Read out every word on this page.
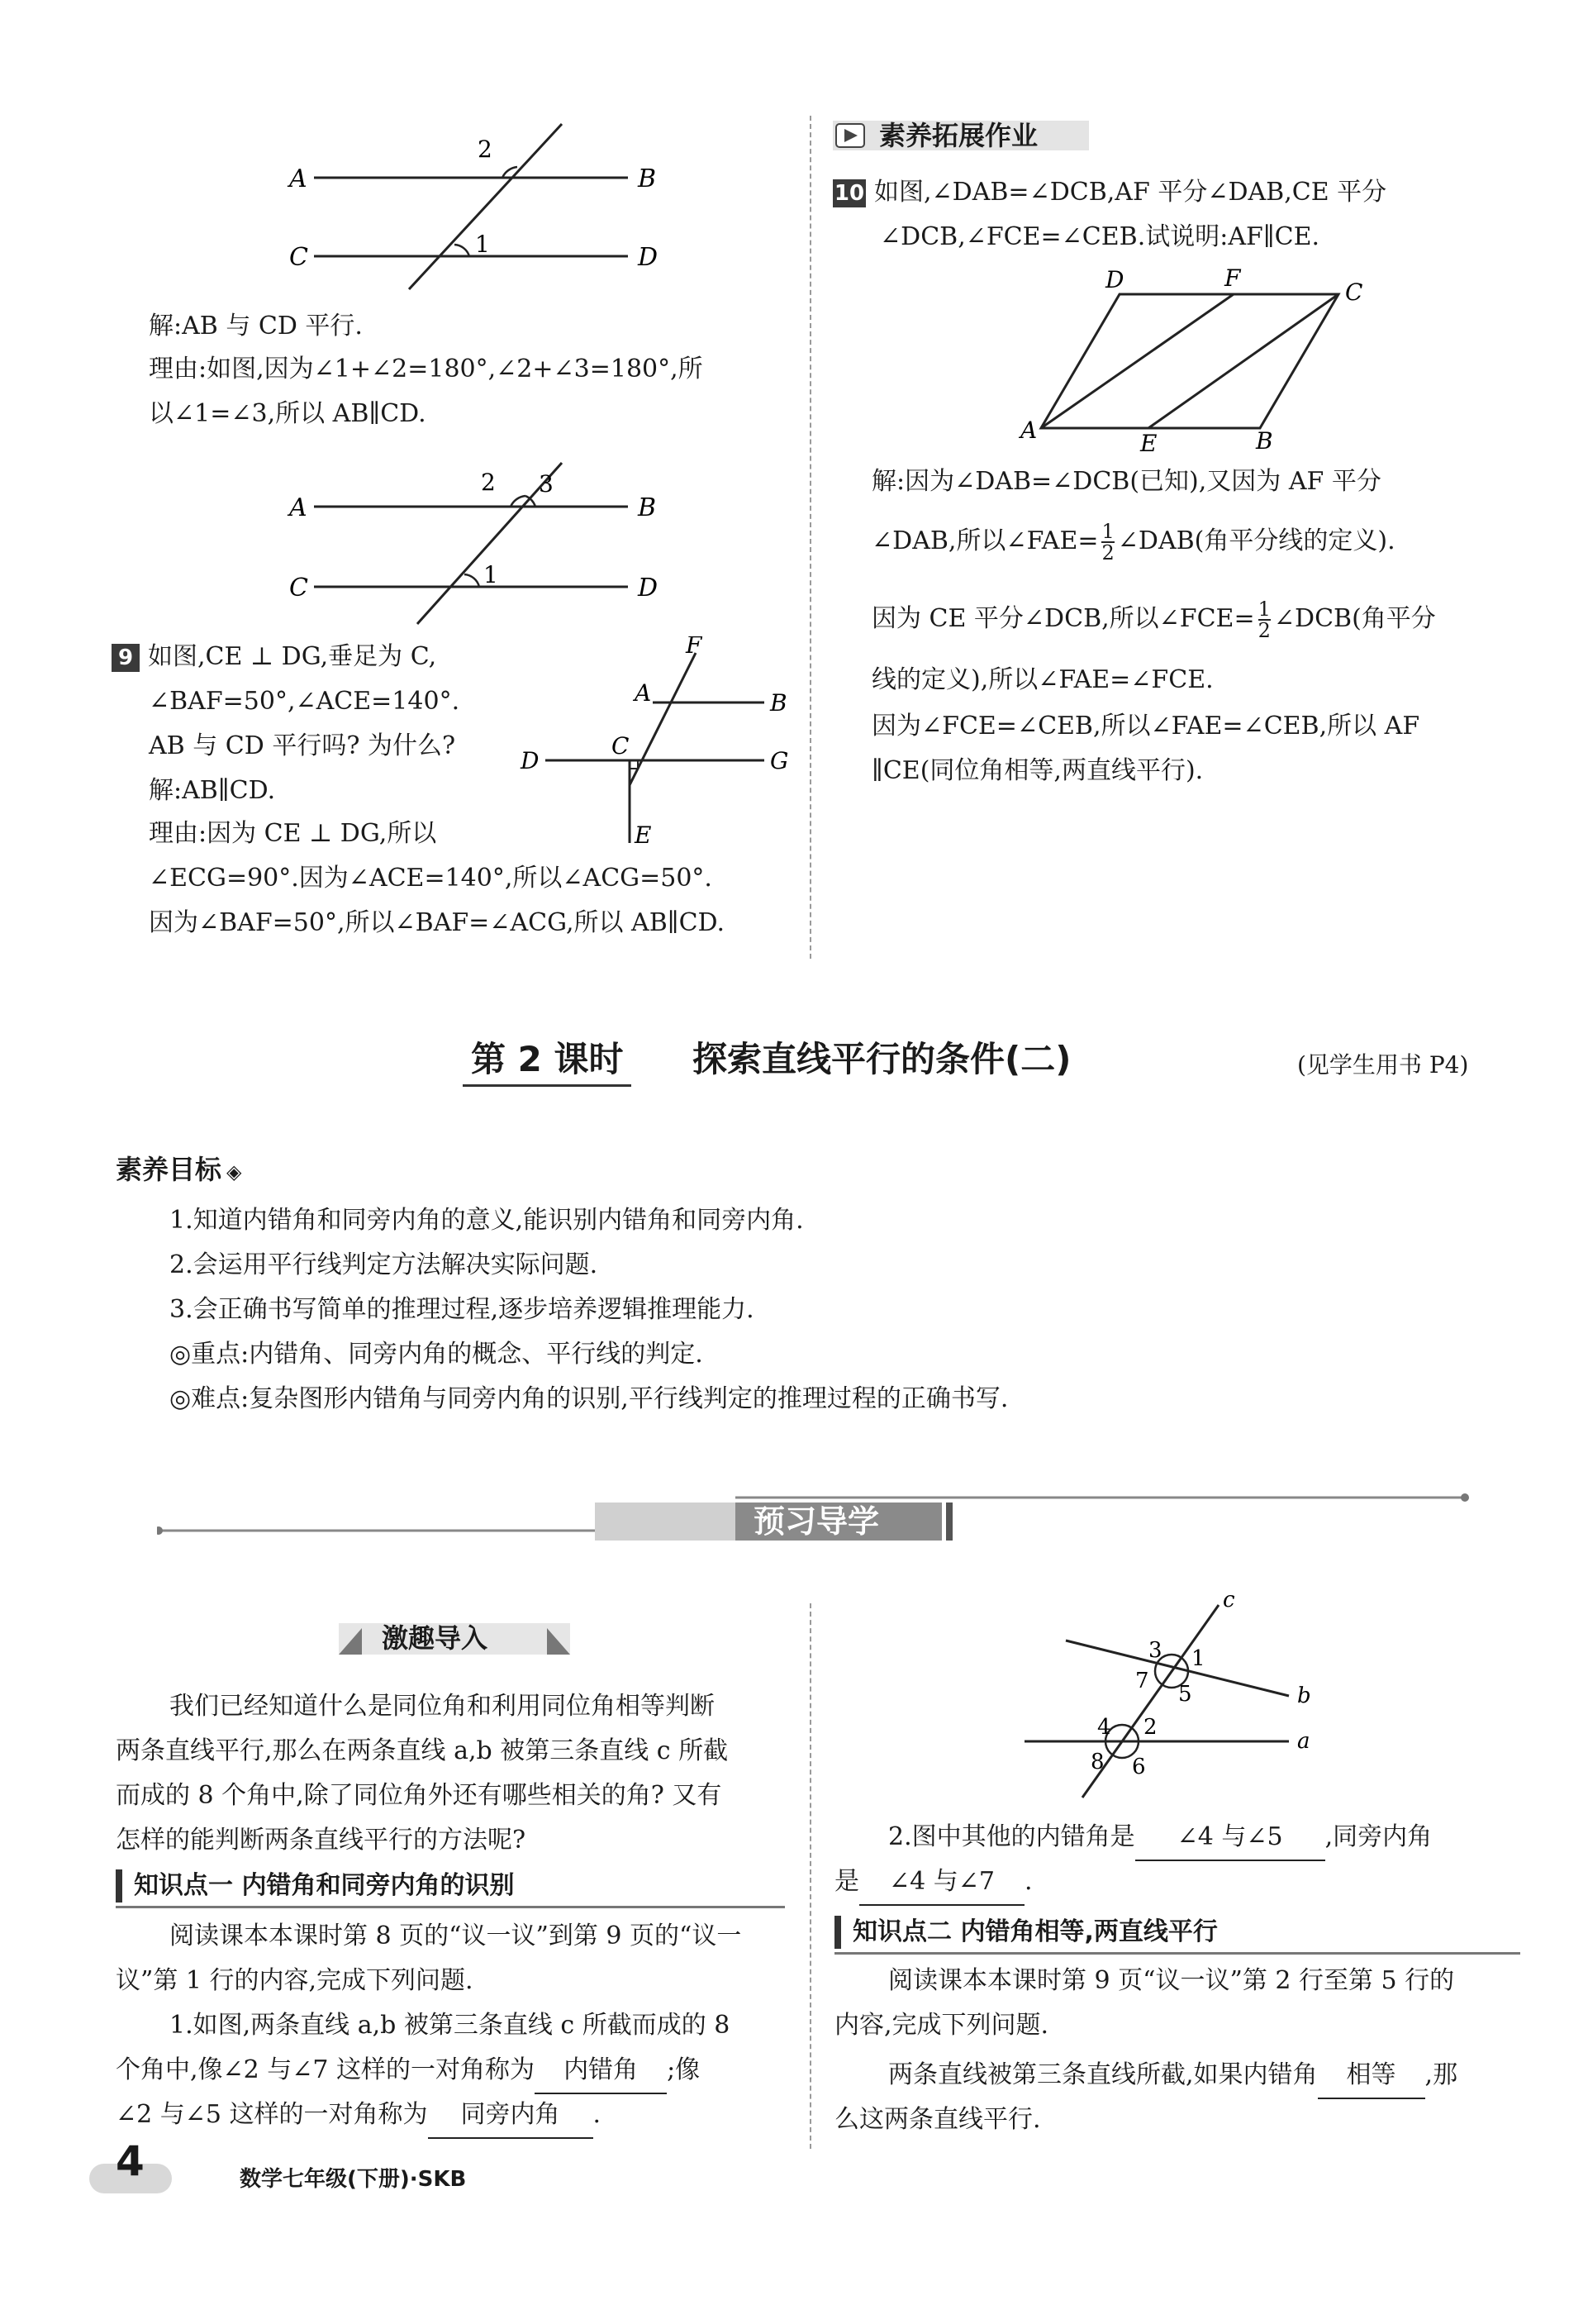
A	B
C	D
1
2
解:AB 与 CD 平行.
理由:如图,因为∠1+∠2=180°,∠2+∠3=180°,所
以∠1=∠3,所以 AB∥CD.
A	B
C	D
1
2 3
9 如图,CE ⊥ DG,垂足为 C,
∠BAF=50°,∠ACE=140°.
AB 与 CD 平行吗? 为什么?
解:AB∥CD.
理由:因为 CE ⊥ DG,所以
∠ECG=90°.因为∠ACE=140°,所以∠ACG=50°.
因为∠BAF=50°,所以∠BAF=∠ACG,所以 AB∥CD.
F
A	B
D
C
G
E
素养拓展作业
10 如图,∠DAB=∠DCB,AF 平分∠DAB,CE 平分
∠DCB,∠FCE=∠CEB.试说明:AF∥CE.
D	F
C
A	E	B
解:因为∠DAB=∠DCB(已知),又因为 AF 平分
∠DAB,所以∠FAE= $\frac{1}{2}$ ∠DAB(角平分线的定义).
因为 CE 平分∠DCB,所以∠FCE= $\frac{1}{2}$ ∠DCB(角平分
线的定义),所以∠FAE=∠FCE.
因为∠FCE=∠CEB,所以∠FAE=∠CEB,所以 AF
∥CE(同位角相等,两直线平行).
第 2 课时 探索直线平行的条件(二)	(见学生用书 P4)
素养目标 ◈
1.知道内错角和同旁内角的意义,能识别内错角和同旁内角.
2.会运用平行线判定方法解决实际问题.
3.会正确书写简单的推理过程,逐步培养逻辑推理能力.
◎重点:内错角、同旁内角的概念、平行线的判定.
◎难点:复杂图形内错角与同旁内角的识别,平行线判定的推理过程的正确书写.
预习导学
激趣导入
我们已经知道什么是同位角和利用同位角相等判断
两条直线平行,那么在两条直线 a,b 被第三条直线 c 所截
而成的 8 个角中,除了同位角外还有哪些相关的角? 又有
怎样的能判断两条直线平行的方法呢?
知识点一 内错角和同旁内角的识别
阅读课本本课时第 8 页的“议一议”到第 9 页的“议一
议”第 1 行的内容,完成下列问题.
1.如图,两条直线 a,b 被第三条直线 c 所截而成的 8
个角中,像∠2 与∠7 这样的一对角称为 内错角 ;像
∠2 与∠5 这样的一对角称为 同旁内角 .
c
b
a
3 1
7
5
4 2
8 6
2.图中其他的内错角是 ∠4 与∠5 ,同旁内角
是 ∠4 与∠7 .
知识点二 内错角相等,两直线平行
阅读课本本课时第 9 页“议一议”第 2 行至第 5 行的
内容,完成下列问题.
两条直线被第三条直线所截,如果内错角 相等 ,那
么这两条直线平行.
4	数学七年级(下册)·SKB
